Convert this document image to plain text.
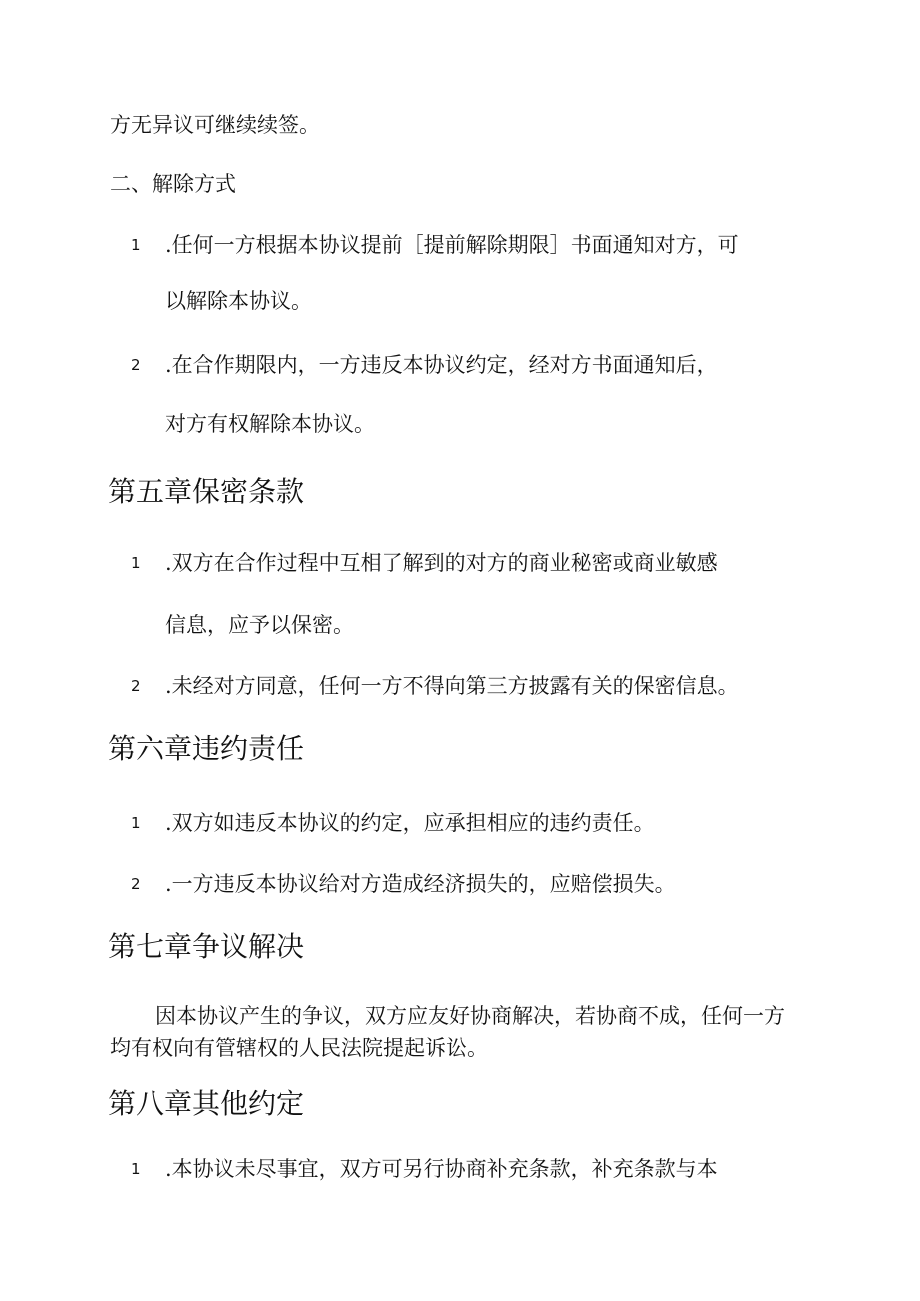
方无异议可继续续签。
二、解除方式
1 .任何一方根据本协议提前［提前解除期限］书面通知对方，可
以解除本协议。
2 .在合作期限内，一方违反本协议约定，经对方书面通知后，
对方有权解除本协议。
第五章保密条款
1 .双方在合作过程中互相了解到的对方的商业秘密或商业敏感
信息，应予以保密。
2 .未经对方同意，任何一方不得向第三方披露有关的保密信息。
第六章违约责任
1 .双方如违反本协议的约定，应承担相应的违约责任。
2 .一方违反本协议给对方造成经济损失的，应赔偿损失。
第七章争议解决
因本协议产生的争议，双方应友好协商解决，若协商不成，任何一方
均有权向有管辖权的人民法院提起诉讼。
第八章其他约定
1 .本协议未尽事宜，双方可另行协商补充条款，补充条款与本
